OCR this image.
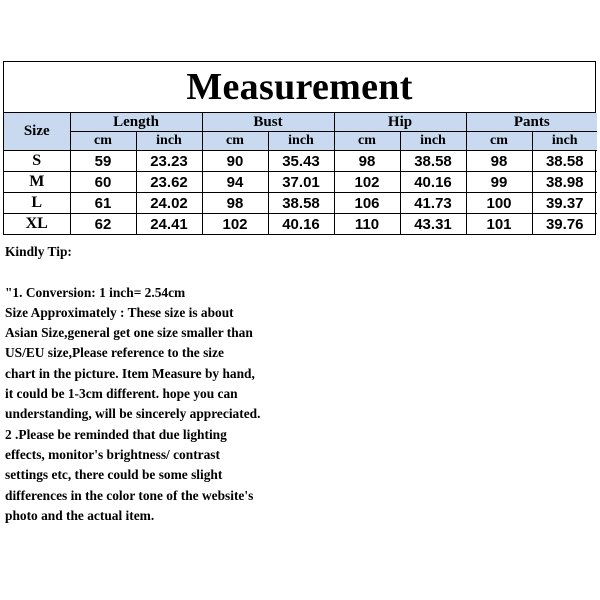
Measurement
Size	Length		Bust		Hip		Pants	
	cm	inch	cm	inch	cm	inch	cm	inch
S	59	23.23	90	35.43	98	38.58	98	38.58
M	60	23.62	94	37.01	102	40.16	99	38.98
L	61	24.02	98	38.58	106	41.73	100	39.37
XL	62	24.41	102	40.16	110	43.31	101	39.76

Kindly Tip:

"1. Conversion: 1 inch= 2.54cm

Size Approximately : These size is about

Asian Size,general get one size smaller than

US/EU size,Please reference to the size

chart in the picture. Item Measure by hand,

it could be 1-3cm different. hope you can

understanding, will be sincerely appreciated.

2 .Please be reminded that due lighting

effects, monitor's brightness/ contrast

settings etc, there could be some slight

differences in the color tone of the website's

photo and the actual item.
